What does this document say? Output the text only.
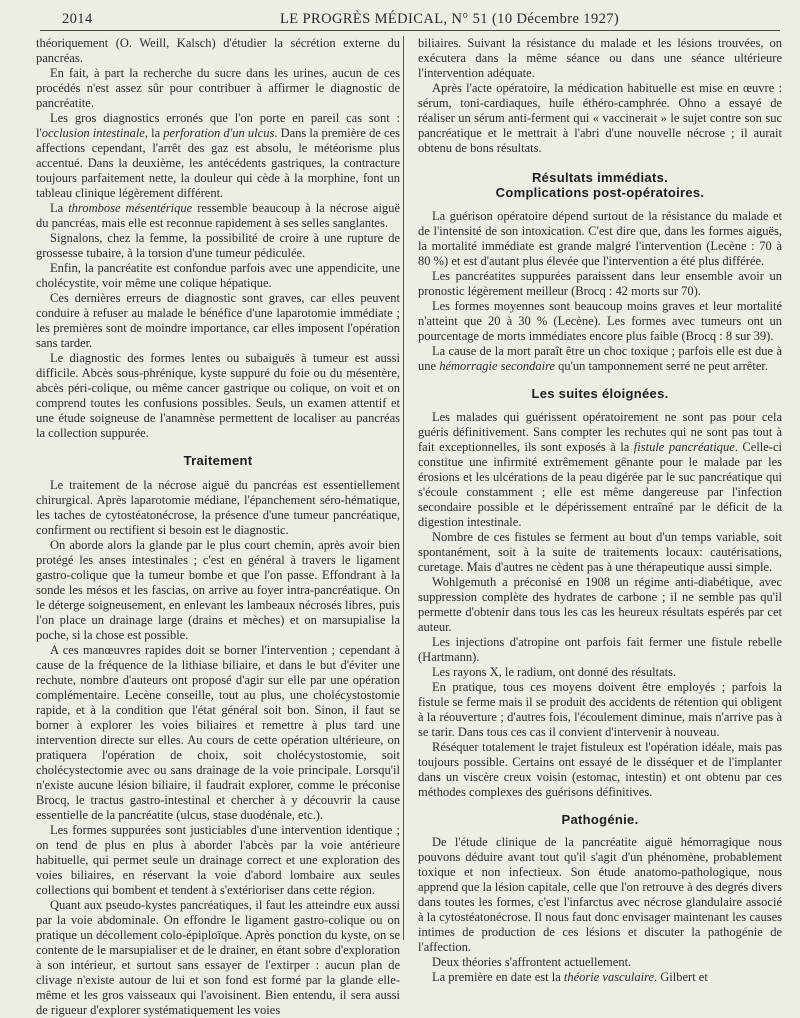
2014	LE PROGRÈS MÉDICAL, N° 51 (10 Décembre 1927)

théoriquement (O. Weill, Kalsch) d'étudier la sécrétion externe du pancréas.

En fait, à part la recherche du sucre dans les urines, aucun de ces procédés n'est assez sûr pour contribuer à affirmer le diagnostic de pancréatite.

Les gros diagnostics erronés que l'on porte en pareil cas sont : l'occlusion intestinale, la perforation d'un ulcus. Dans la première de ces affections cependant, l'arrêt des gaz est absolu, le météorisme plus accentué. Dans la deuxième, les antécédents gastriques, la contracture toujours parfaitement nette, la douleur qui cède à la morphine, font un tableau clinique légèrement différent.

La thrombose mésentérique ressemble beaucoup à la nécrose aiguë du pancréas, mais elle est reconnue rapidement à ses selles sanglantes.

Signalons, chez la femme, la possibilité de croire à une rupture de grossesse tubaire, à la torsion d'une tumeur pédiculée.

Enfin, la pancréatite est confondue parfois avec une appendicite, une cholécystite, voir même une colique hépatique.

Ces dernières erreurs de diagnostic sont graves, car elles peuvent conduire à refuser au malade le bénéfice d'une laparotomie immédiate ; les premières sont de moindre importance, car elles imposent l'opération sans tarder.

Le diagnostic des formes lentes ou subaiguës à tumeur est aussi difficile. Abcès sous-phrénique, kyste suppuré du foie ou du mésentère, abcès péri-colique, ou même cancer gastrique ou colique, on voit et on comprend toutes les confusions possibles. Seuls, un examen attentif et une étude soigneuse de l'anamnèse permettent de localiser au pancréas la collection suppurée.

Traitement

Le traitement de la nécrose aiguë du pancréas est essentiellement chirurgical. Après laparotomie médiane, l'épanchement séro-hématique, les taches de cytostéatonécrose, la présence d'une tumeur pancréatique, confirment ou rectifient si besoin est le diagnostic.

On aborde alors la glande par le plus court chemin, après avoir bien protégé les anses intestinales ; c'est en général à travers le ligament gastro-colique que la tumeur bombe et que l'on passe. Effondrant à la sonde les mésos et les fascias, on arrive au foyer intra-pancréatique. On le déterge soigneusement, en enlevant les lambeaux nécrosés libres, puis l'on place un drainage large (drains et mèches) et on marsupialise la poche, si la chose est possible.

A ces manœuvres rapides doit se borner l'intervention ; cependant à cause de la fréquence de la lithiase biliaire, et dans le but d'éviter une rechute, nombre d'auteurs ont proposé d'agir sur elle par une opération complémentaire. Lecène conseille, tout au plus, une cholécystostomie rapide, et à la condition que l'état général soit bon. Sinon, il faut se borner à explorer les voies biliaires et remettre à plus tard une intervention directe sur elles. Au cours de cette opération ultérieure, on pratiquera l'opération de choix, soit cholécystostomie, soit cholécystectomie avec ou sans drainage de la voie principale. Lorsqu'il n'existe aucune lésion biliaire, il faudrait explorer, comme le préconise Brocq, le tractus gastro-intestinal et chercher à y découvrir la cause essentielle de la pancréatite (ulcus, stase duodénale, etc.).

Les formes suppurées sont justiciables d'une intervention identique ; on tend de plus en plus à aborder l'abcès par la voie antérieure habituelle, qui permet seule un drainage correct et une exploration des voies biliaires, en réservant la voie d'abord lombaire aux seules collections qui bombent et tendent à s'extérioriser dans cette région.

Quant aux pseudo-kystes pancréatiques, il faut les atteindre eux aussi par la voie abdominale. On effondre le ligament gastro-colique ou on pratique un décollement colo-épiploïque. Après ponction du kyste, on se contente de le marsupialiser et de le drainer, en étant sobre d'exploration à son intérieur, et surtout sans essayer de l'extirper : aucun plan de clivage n'existe autour de lui et son fond est formé par la glande elle-même et les gros vaisseaux qui l'avoisinent. Bien entendu, il sera aussi de rigueur d'explorer systématiquement les voies

biliaires. Suivant la résistance du malade et les lésions trouvées, on exécutera dans la même séance ou dans une séance ultérieure l'intervention adéquate.

Après l'acte opératoire, la médication habituelle est mise en œuvre : sérum, toni-cardiaques, huile éthéro-camphrée. Ohno a essayé de réaliser un sérum anti-ferment qui « vaccinerait » le sujet contre son suc pancréatique et le mettrait à l'abri d'une nouvelle nécrose ; il aurait obtenu de bons résultats.

Résultats immédiats.
Complications post-opératoires.

La guérison opératoire dépend surtout de la résistance du malade et de l'intensité de son intoxication. C'est dire que, dans les formes aiguës, la mortalité immédiate est grande malgré l'intervention (Lecène : 70 à 80 %) et est d'autant plus élevée que l'intervention a été plus différée.

Les pancréatites suppurées paraissent dans leur ensemble avoir un pronostic légèrement meilleur (Brocq : 42 morts sur 70).

Les formes moyennes sont beaucoup moins graves et leur mortalité n'atteint que 20 à 30 % (Lecène). Les formes avec tumeurs ont un pourcentage de morts immédiates encore plus faible (Brocq : 8 sur 39).

La cause de la mort paraît être un choc toxique ; parfois elle est due à une hémorragie secondaire qu'un tamponnement serré ne peut arrêter.

Les suites éloignées.

Les malades qui guérissent opératoirement ne sont pas pour cela guéris définitivement. Sans compter les rechutes qui ne sont pas tout à fait exceptionnelles, ils sont exposés à la fistule pancréatique. Celle-ci constitue une infirmité extrêmement gênante pour le malade par les érosions et les ulcérations de la peau digérée par le suc pancréatique qui s'écoule constamment ; elle est même dangereuse par l'infection secondaire possible et le dépérissement entraîné par le déficit de la digestion intestinale.

Nombre de ces fistules se ferment au bout d'un temps variable, soit spontanément, soit à la suite de traitements locaux: cautérisations, curetage. Mais d'autres ne cèdent pas à une thérapeutique aussi simple.

Wohlgemuth a préconisé en 1908 un régime anti-diabétique, avec suppression complète des hydrates de carbone ; il ne semble pas qu'il permette d'obtenir dans tous les cas les heureux résultats espérés par cet auteur.

Les injections d'atropine ont parfois fait fermer une fistule rebelle (Hartmann).

Les rayons X, le radium, ont donné des résultats.

En pratique, tous ces moyens doivent être employés ; parfois la fistule se ferme mais il se produit des accidents de rétention qui obligent à la réouverture ; d'autres fois, l'écoulement diminue, mais n'arrive pas à se tarir. Dans tous ces cas il convient d'intervenir à nouveau.

Réséquer totalement le trajet fistuleux est l'opération idéale, mais pas toujours possible. Certains ont essayé de le disséquer et de l'implanter dans un viscère creux voisin (estomac, intestin) et ont obtenu par ces méthodes complexes des guérisons définitives.

Pathogénie.

De l'étude clinique de la pancréatite aiguë hémorragique nous pouvons déduire avant tout qu'il s'agit d'un phénomène, probablement toxique et non infectieux. Son étude anatomo-pathologique, nous apprend que la lésion capitale, celle que l'on retrouve à des degrés divers dans toutes les formes, c'est l'infarctus avec nécrose glandulaire associé à la cytostéatonécrose. Il nous faut donc envisager maintenant les causes intimes de production de ces lésions et discuter la pathogénie de l'affection.

Deux théories s'affrontent actuellement.

La première en date est la théorie vasculaire. Gilbert et
